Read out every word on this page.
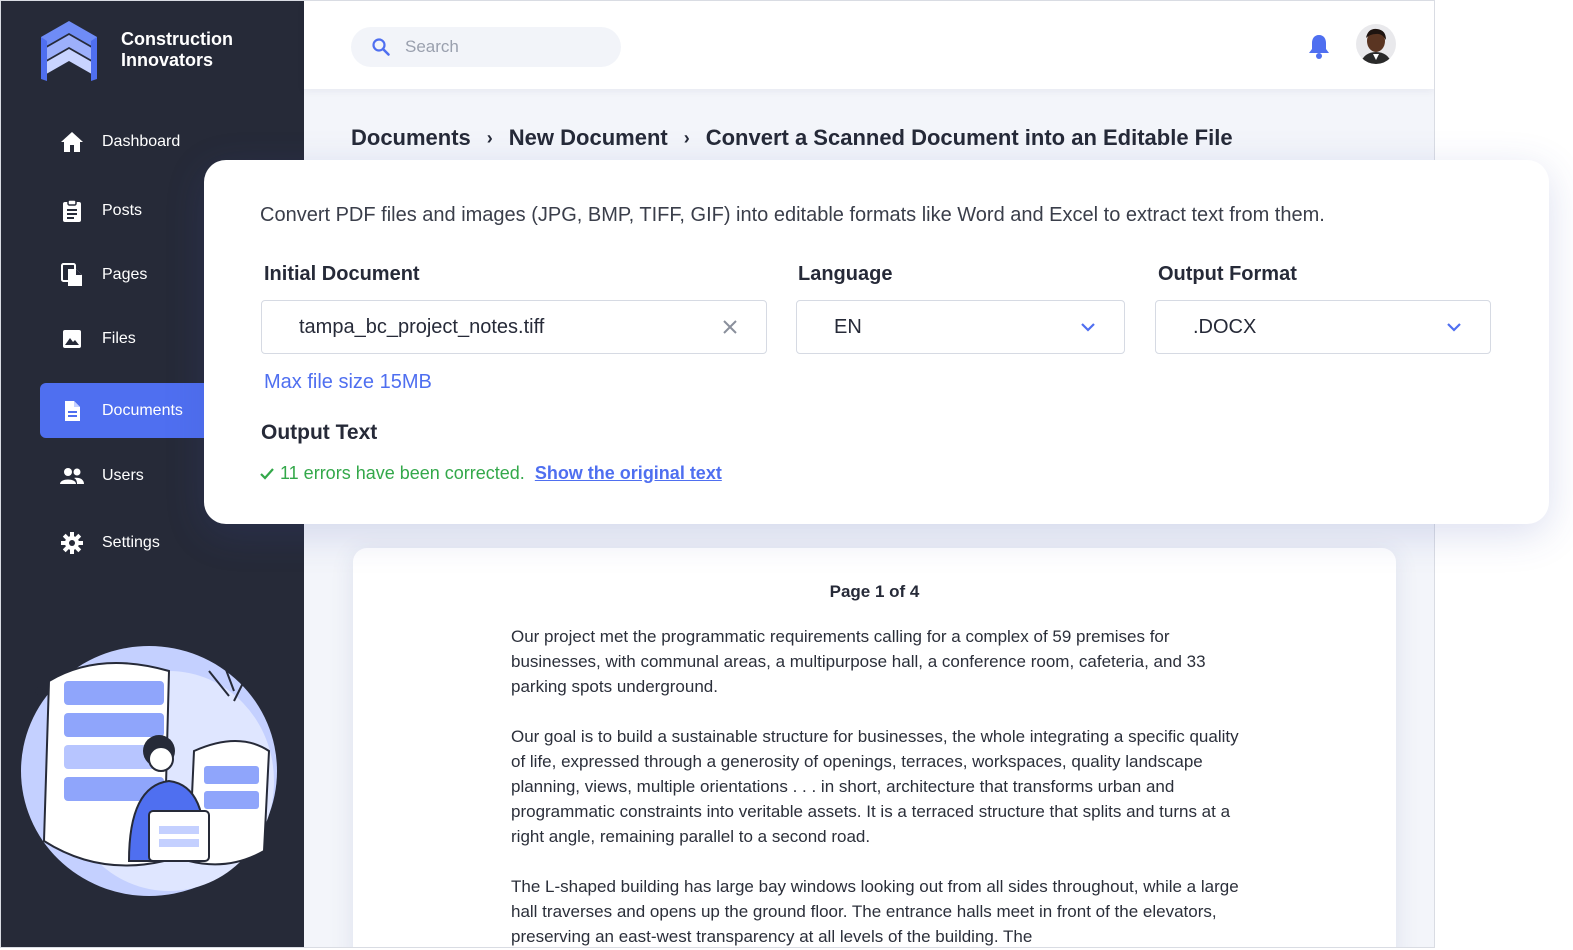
Construction
Innovators
Dashboard
Posts
Pages
Files
Documents
Users
Settings
Search
Documents › New Document › Convert a Scanned Document into an Editable File
Page 1 of 4

Our project met the programmatic requirements calling for a complex of 59 premises for businesses, with communal areas, a multipurpose hall, a conference room, cafeteria, and 33 parking spots underground.

Our goal is to build a sustainable structure for businesses, the whole integrating a specific quality of life, expressed through a generosity of openings, terraces, workspaces, quality landscape planning, views, multiple orientations . . . in short, architecture that transforms urban and programmatic constraints into veritable assets. It is a terraced structure that splits and turns at a right angle, remaining parallel to a second road.

The L-shaped building has large bay windows looking out from all sides throughout, while a large hall traverses and opens up the ground floor. The entrance halls meet in front of the elevators, preserving an east-west transparency at all levels of the building. The

Convert PDF files and images (JPG, BMP, TIFF, GIF) into editable formats like Word and Excel to extract text from them.
Initial Document
tampa_bc_project_notes.tiff
Language
EN
Output Format
.DOCX
Max file size 15MB
Output Text
11 errors have been corrected. Show the original text
